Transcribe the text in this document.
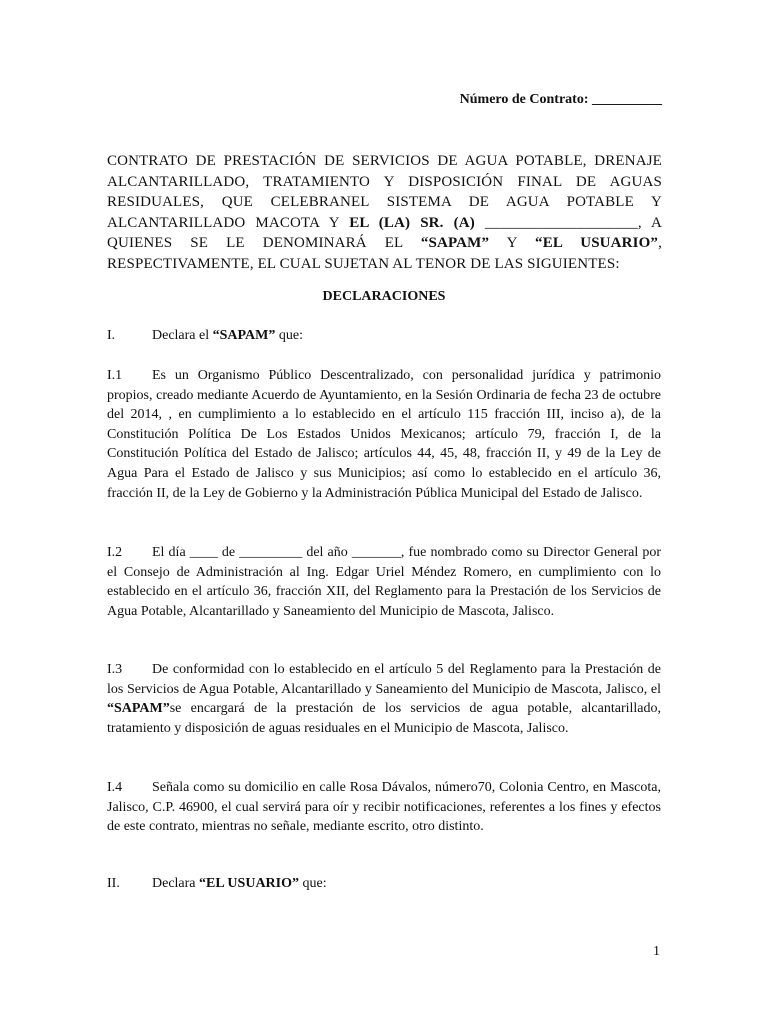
Número de Contrato: __________
CONTRATO DE PRESTACIÓN DE SERVICIOS DE AGUA POTABLE, DRENAJE
ALCANTARILLADO, TRATAMIENTO Y DISPOSICIÓN FINAL DE AGUAS
RESIDUALES, QUE CELEBRANEL SISTEMA DE AGUA POTABLE Y
ALCANTARILLADO MACOTA Y EL (LA) SR. (A) ____________________, A
QUIENES SE LE DENOMINARÁ EL “SAPAM” Y “EL USUARIO”,
RESPECTIVAMENTE, EL CUAL SUJETAN AL TENOR DE LAS SIGUIENTES:
DECLARACIONES
I.	Declara el “SAPAM” que:
I.1 Es un Organismo Público Descentralizado, con personalidad jurídica y patrimonio propios, creado mediante Acuerdo de Ayuntamiento, en la Sesión Ordinaria de fecha 23 de octubre del 2014, , en cumplimiento a lo establecido en el artículo 115 fracción III, inciso a), de la Constitución Política De Los Estados Unidos Mexicanos; artículo 79, fracción I, de la Constitución Política del Estado de Jalisco; artículos 44, 45, 48, fracción II, y 49 de la Ley de Agua Para el Estado de Jalisco y sus Municipios; así como lo establecido en el artículo 36, fracción II, de la Ley de Gobierno y la Administración Pública Municipal del Estado de Jalisco.
I.2 El día ____ de _________ del año _______, fue nombrado como su Director General por el Consejo de Administración al Ing. Edgar Uriel Méndez Romero, en cumplimiento con lo establecido en el artículo 36, fracción XII, del Reglamento para la Prestación de los Servicios de Agua Potable, Alcantarillado y Saneamiento del Municipio de Mascota, Jalisco.
I.3 De conformidad con lo establecido en el artículo 5 del Reglamento para la Prestación de los Servicios de Agua Potable, Alcantarillado y Saneamiento del Municipio de Mascota, Jalisco, el “SAPAM”se encargará de la prestación de los servicios de agua potable, alcantarillado, tratamiento y disposición de aguas residuales en el Municipio de Mascota, Jalisco.
I.4 Señala como su domicilio en calle Rosa Dávalos, número70, Colonia Centro, en Mascota, Jalisco, C.P. 46900, el cual servirá para oír y recibir notificaciones, referentes a los fines y efectos de este contrato, mientras no señale, mediante escrito, otro distinto.
II. Declara “EL USUARIO” que:
1
